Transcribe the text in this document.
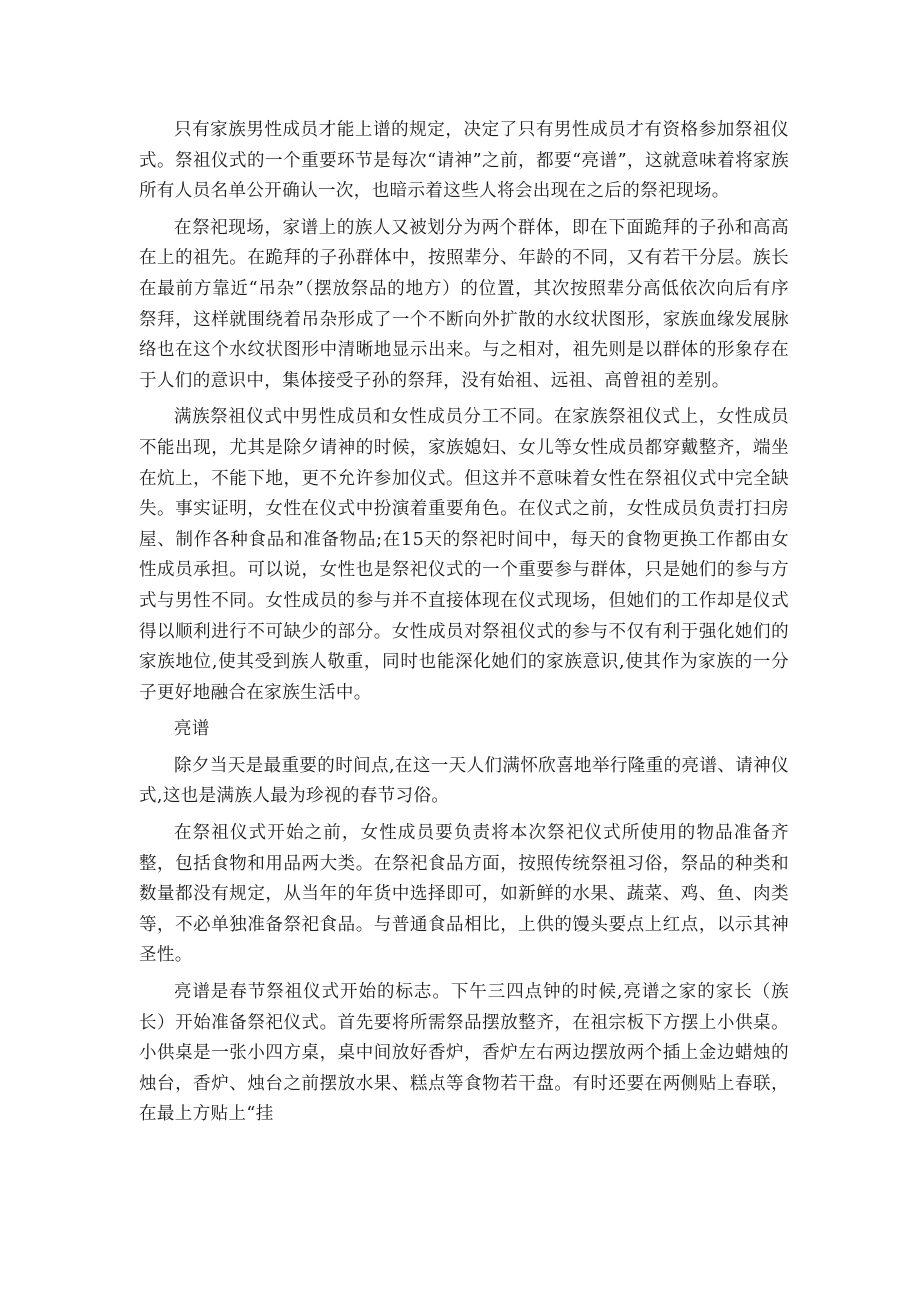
只有家族男性成员才能上谱的规定，决定了只有男性成员才有资格参加祭祖仪式。祭祖仪式的一个重要环节是每次“请神”之前，都要“亮谱”，这就意味着将家族所有人员名单公开确认一次，也暗示着这些人将会出现在之后的祭祀现场。

在祭祀现场，家谱上的族人又被划分为两个群体，即在下面跪拜的子孙和高高在上的祖先。在跪拜的子孙群体中，按照辈分、年龄的不同，又有若干分层。族长在最前方靠近“吊杂”（摆放祭品的地方）的位置，其次按照辈分高低依次向后有序祭拜，这样就围绕着吊杂形成了一个不断向外扩散的水纹状图形，家族血缘发展脉络也在这个水纹状图形中清晰地显示出来。与之相对，祖先则是以群体的形象存在于人们的意识中，集体接受子孙的祭拜，没有始祖、远祖、高曾祖的差别。

满族祭祖仪式中男性成员和女性成员分工不同。在家族祭祖仪式上，女性成员不能出现，尤其是除夕请神的时候，家族媳妇、女儿等女性成员都穿戴整齐，端坐在炕上，不能下地，更不允许参加仪式。但这并不意味着女性在祭祖仪式中完全缺失。事实证明，女性在仪式中扮演着重要角色。在仪式之前，女性成员负责打扫房屋、制作各种食品和准备物品;在15天的祭祀时间中，每天的食物更换工作都由女性成员承担。可以说，女性也是祭祀仪式的一个重要参与群体，只是她们的参与方式与男性不同。女性成员的参与并不直接体现在仪式现场，但她们的工作却是仪式得以顺利进行不可缺少的部分。女性成员对祭祖仪式的参与不仅有利于强化她们的家族地位,使其受到族人敬重，同时也能深化她们的家族意识,使其作为家族的一分子更好地融合在家族生活中。

亮谱

除夕当天是最重要的时间点,在这一天人们满怀欣喜地举行隆重的亮谱、请神仪式,这也是满族人最为珍视的春节习俗。

在祭祖仪式开始之前，女性成员要负责将本次祭祀仪式所使用的物品准备齐整，包括食物和用品两大类。在祭祀食品方面，按照传统祭祖习俗，祭品的种类和数量都没有规定，从当年的年货中选择即可，如新鲜的水果、蔬菜、鸡、鱼、肉类等，不必单独准备祭祀食品。与普通食品相比，上供的馒头要点上红点，以示其神圣性。

亮谱是春节祭祖仪式开始的标志。下午三四点钟的时候,亮谱之家的家长（族长）开始准备祭祀仪式。首先要将所需祭品摆放整齐，在祖宗板下方摆上小供桌。小供桌是一张小四方桌，桌中间放好香炉，香炉左右两边摆放两个插上金边蜡烛的烛台，香炉、烛台之前摆放水果、糕点等食物若干盘。有时还要在两侧贴上春联，在最上方贴上“挂
